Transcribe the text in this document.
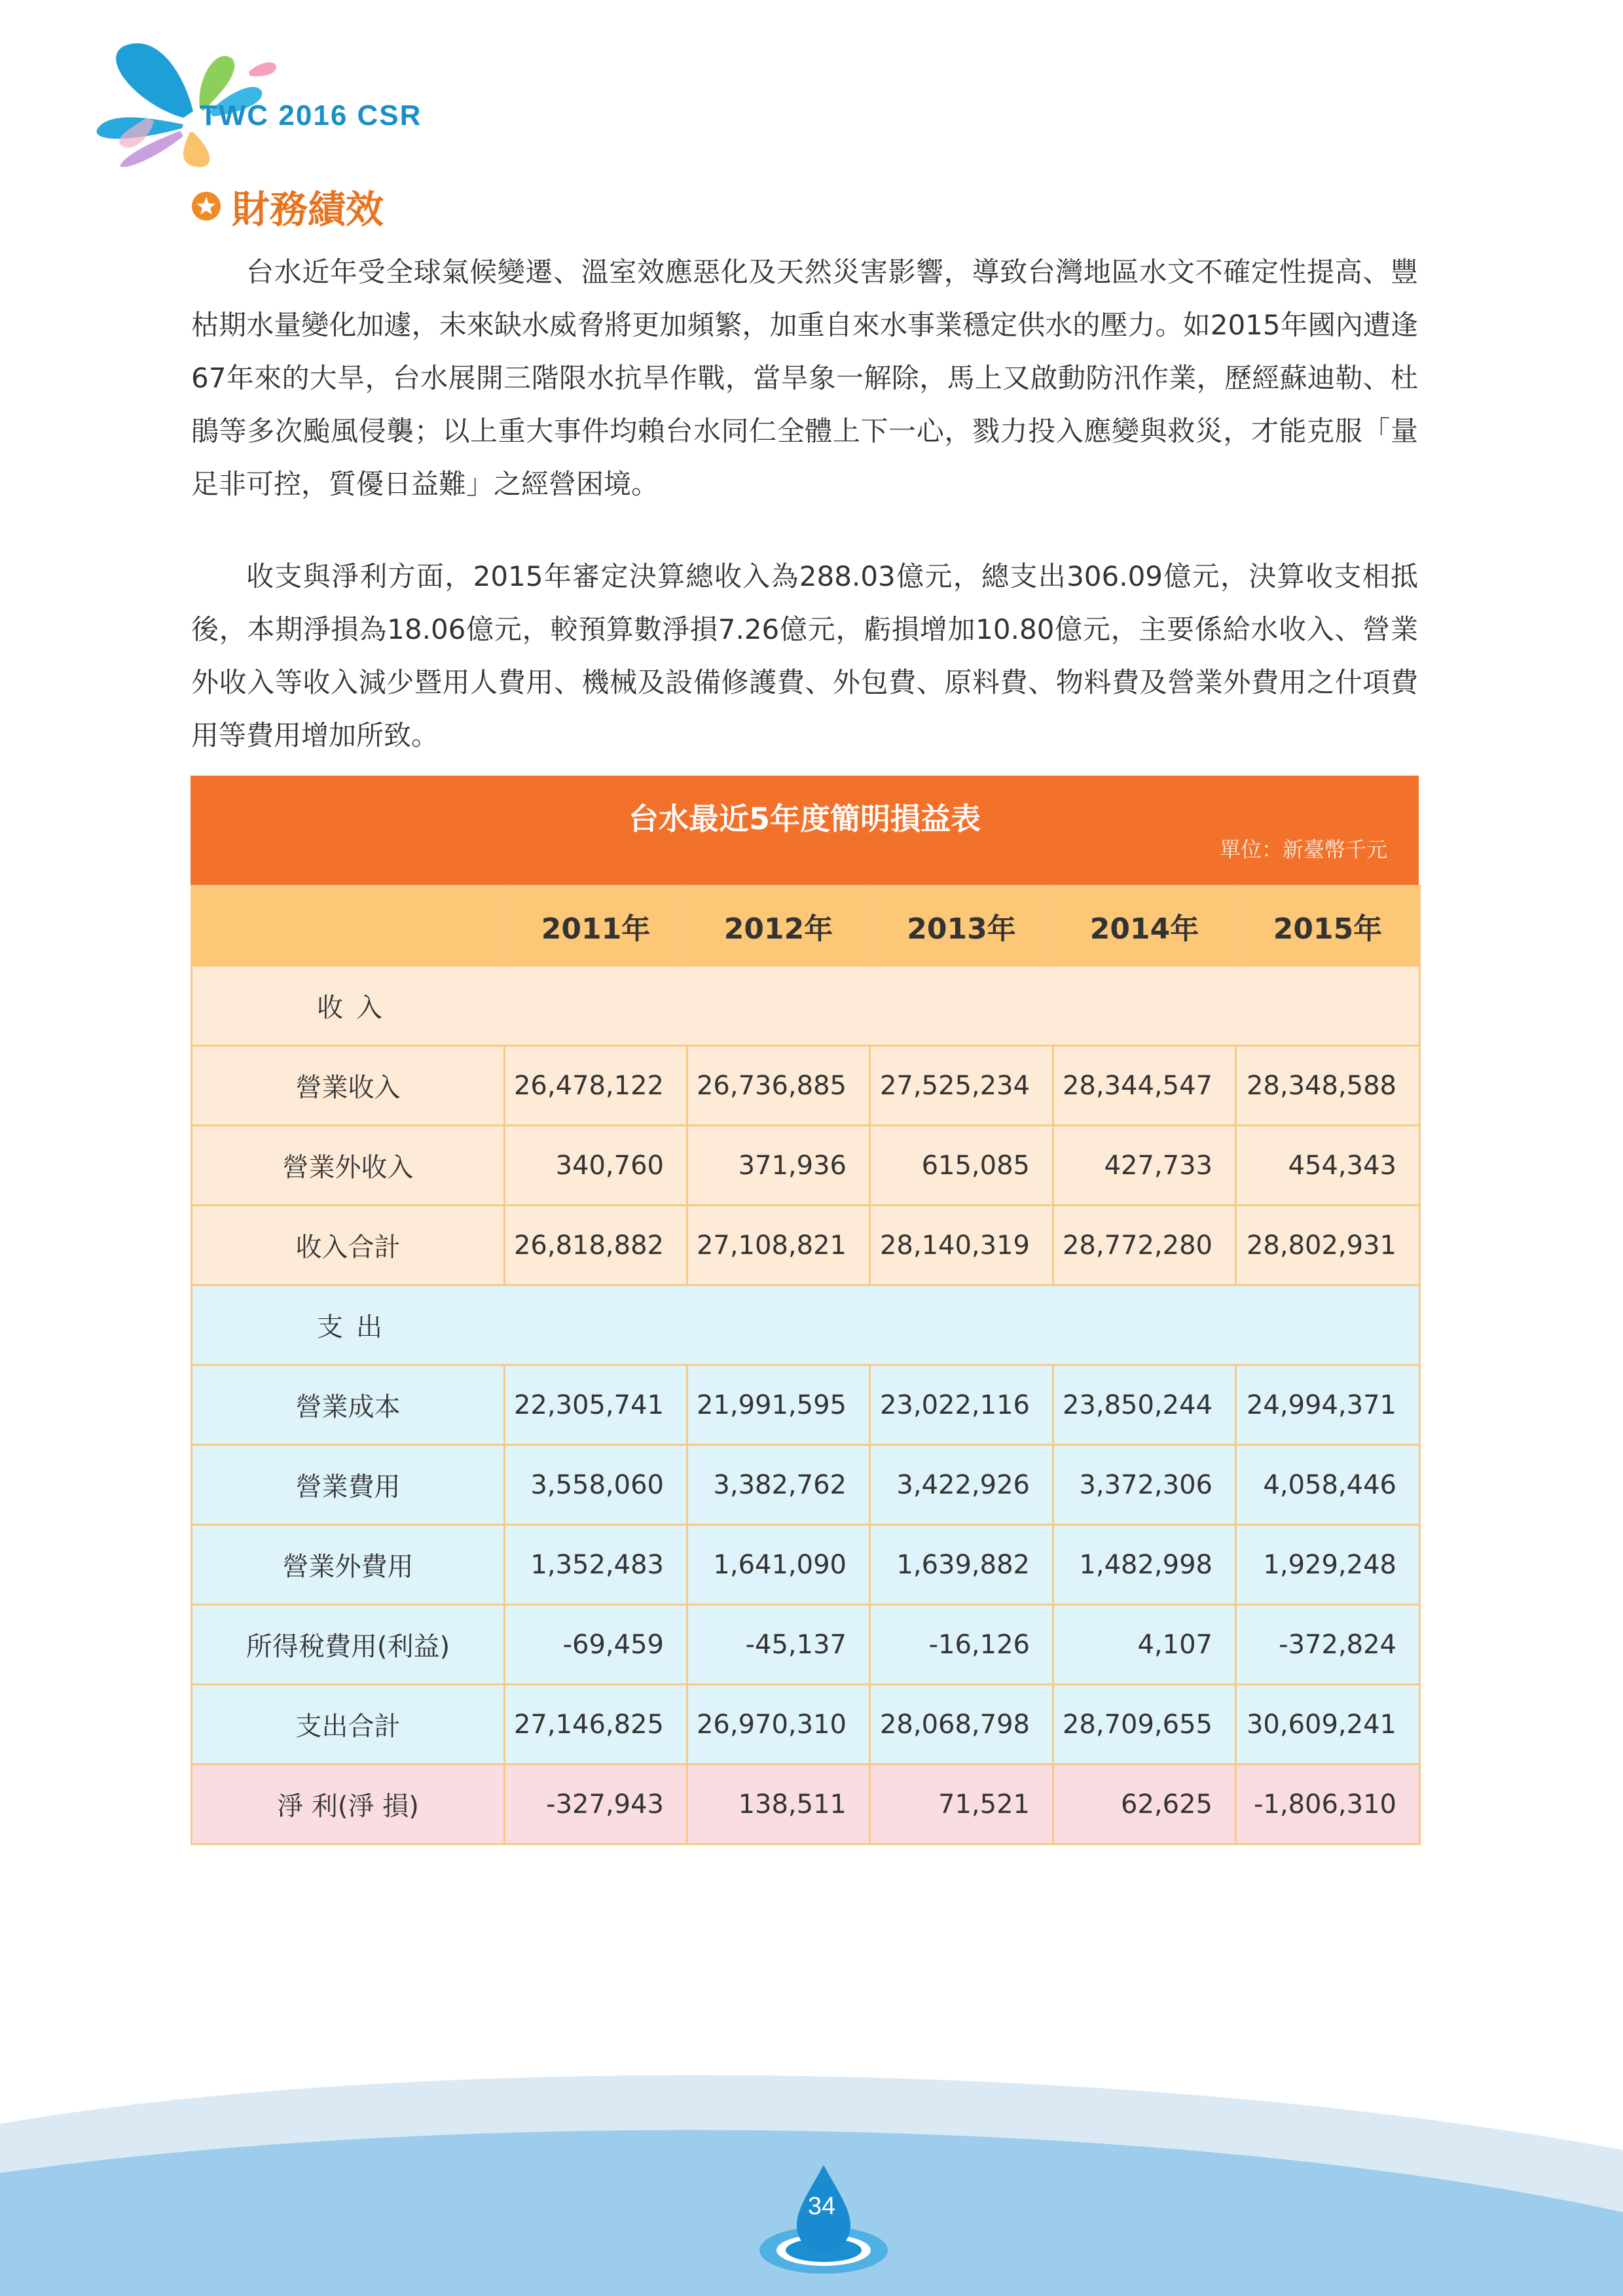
TWC 2016 CSR
財務績效

台水近年受全球氣候變遷、溫室效應惡化及天然災害影響，導致台灣地區水文不確定性提高、豐枯期水量變化加遽，未來缺水威脅將更加頻繁，加重自來水事業穩定供水的壓力。如2015年國內遭逢67年來的大旱，台水展開三階限水抗旱作戰，當旱象一解除，馬上又啟動防汛作業，歷經蘇迪勒、杜鵑等多次颱風侵襲；以上重大事件均賴台水同仁全體上下一心，戮力投入應變與救災，才能克服「量足非可控，質優日益難」之經營困境。

收支與淨利方面，2015年審定決算總收入為288.03億元，總支出306.09億元，決算收支相抵後，本期淨損為18.06億元，較預算數淨損7.26億元，虧損增加10.80億元，主要係給水收入、營業外收入等收入減少暨用人費用、機械及設備修護費、外包費、原料費、物料費及營業外費用之什項費用等費用增加所致。

台水最近5年度簡明損益表
單位：新臺幣千元
	2011年	2012年	2013年	2014年	2015年
收入					
營業收入	26,478,122	26,736,885	27,525,234	28,344,547	28,348,588
營業外收入	340,760	371,936	615,085	427,733	454,343
收入合計	26,818,882	27,108,821	28,140,319	28,772,280	28,802,931
支出					
營業成本	22,305,741	21,991,595	23,022,116	23,850,244	24,994,371
營業費用	3,558,060	3,382,762	3,422,926	3,372,306	4,058,446
營業外費用	1,352,483	1,641,090	1,639,882	1,482,998	1,929,248
所得稅費用(利益)	-69,459	-45,137	-16,126	4,107	-372,824
支出合計	27,146,825	26,970,310	28,068,798	28,709,655	30,609,241
淨 利(淨 損)	-327,943	138,511	71,521	62,625	-1,806,310
34
